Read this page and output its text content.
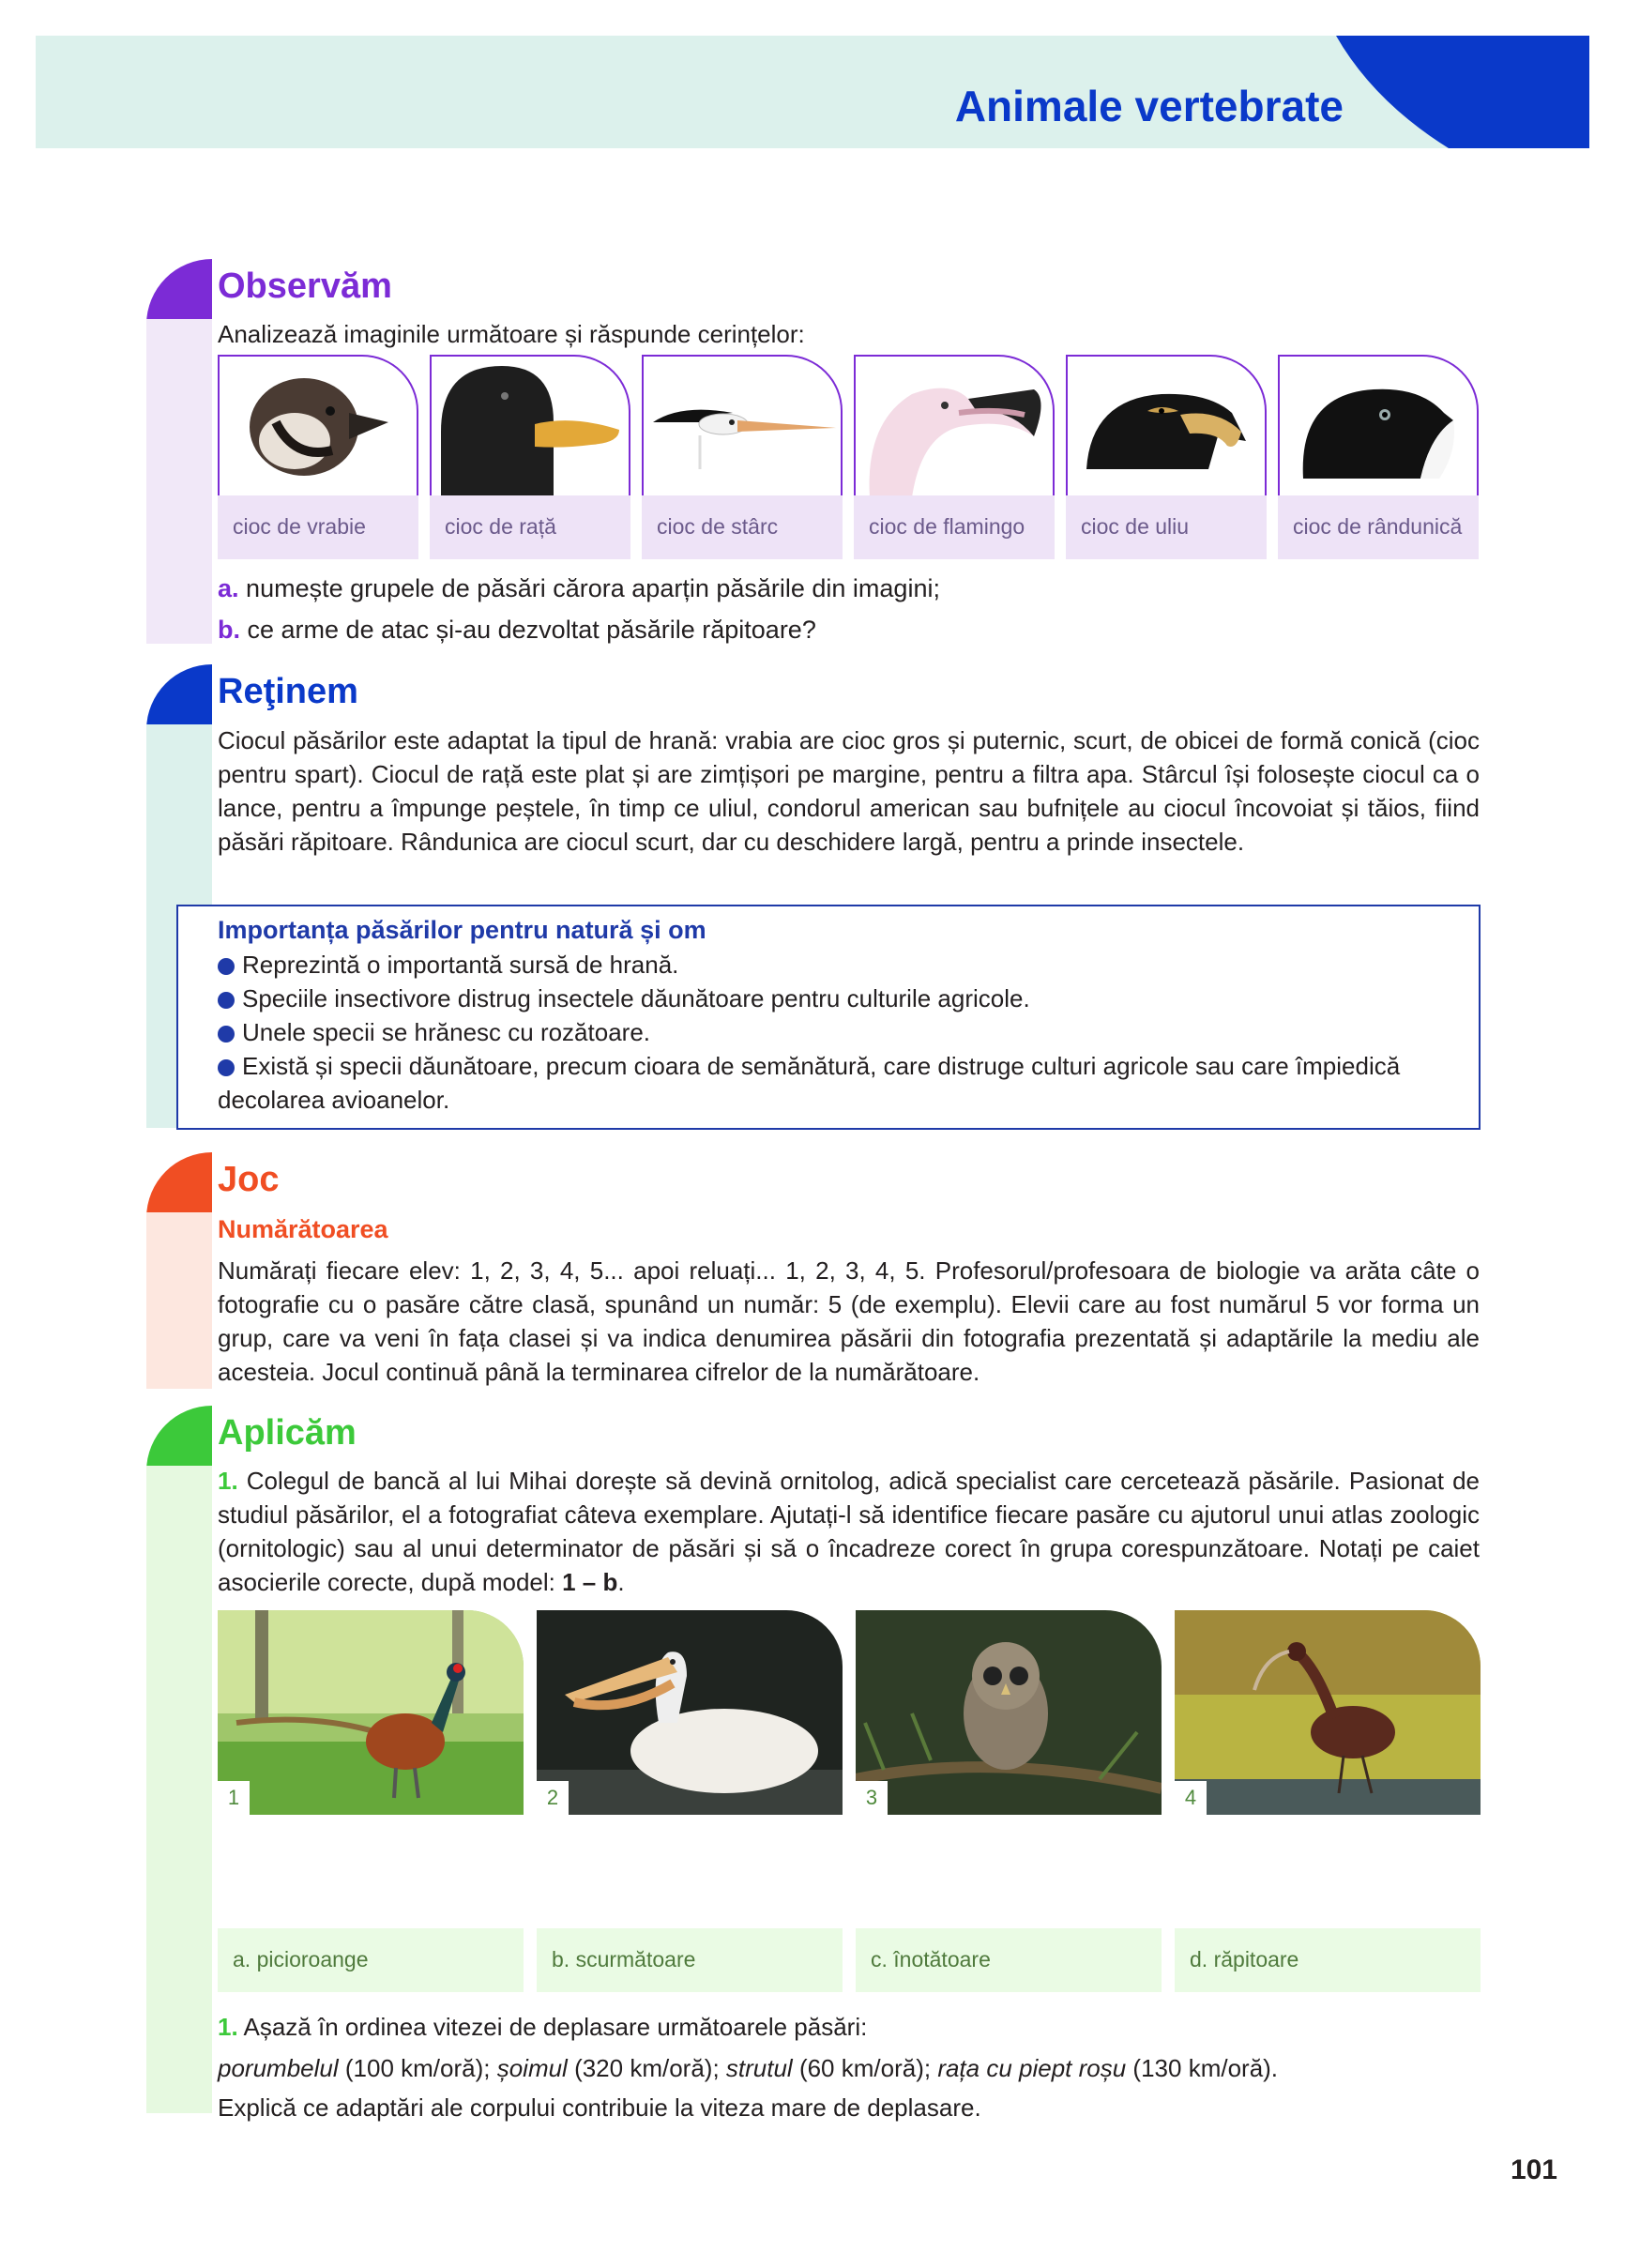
Animale vertebrate
Observăm
Analizează imaginile următoare și răspunde cerințelor:
cioc de vrabie	cioc de rață	cioc de stârc	cioc de flamingo	cioc de uliu	cioc de rândunică
a. numește grupele de păsări cărora aparțin păsările din imagini;
b. ce arme de atac și-au dezvoltat păsările răpitoare?
Reţinem
Ciocul păsărilor este adaptat la tipul de hrană: vrabia are cioc gros și puternic, scurt, de obicei de formă conică (cioc pentru spart). Ciocul de rață este plat și are zimțișori pe margine, pentru a filtra apa. Stârcul își folosește ciocul ca o lance, pentru a împunge peștele, în timp ce uliul, condorul american sau bufnițele au ciocul încovoiat și tăios, fiind păsări răpitoare. Rândunica are ciocul scurt, dar cu deschidere largă, pentru a prinde insectele.
Importanța păsărilor pentru natură și om
Reprezintă o importantă sursă de hrană.
Speciile insectivore distrug insectele dăunătoare pentru culturile agricole.
Unele specii se hrănesc cu rozătoare.
Există și specii dăunătoare, precum cioara de semănătură, care distruge culturi agricole sau care împiedică decolarea avioanelor.
Joc
Numărătoarea
Numărați fiecare elev: 1, 2, 3, 4, 5... apoi reluați... 1, 2, 3, 4, 5. Profesorul/profesoara de biologie va arăta câte o fotografie cu o pasăre către clasă, spunând un număr: 5 (de exemplu). Elevii care au fost numărul 5 vor forma un grup, care va veni în fața clasei și va indica denumirea păsării din fotografia prezentată și adaptările la mediu ale acesteia. Jocul continuă până la terminarea cifrelor de la numărătoare.
Aplicăm
1. Colegul de bancă al lui Mihai dorește să devină ornitolog, adică specialist care cercetează păsările. Pasionat de studiul păsărilor, el a fotografiat câteva exemplare. Ajutați-l să identifice fiecare pasăre cu ajutorul unui atlas zoologic (ornitologic) sau al unui determinator de păsări și să o încadreze corect în grupa corespunzătoare. Notați pe caiet asocierile corecte, după model: 1 – b.
1	2	3	4
a. picioroange	b. scurmătoare	c. înotătoare	d. răpitoare
1. Așază în ordinea vitezei de deplasare următoarele păsări:
porumbelul (100 km/oră); șoimul (320 km/oră); strutul (60 km/oră); rața cu piept roșu (130 km/oră).
Explică ce adaptări ale corpului contribuie la viteza mare de deplasare.
101
